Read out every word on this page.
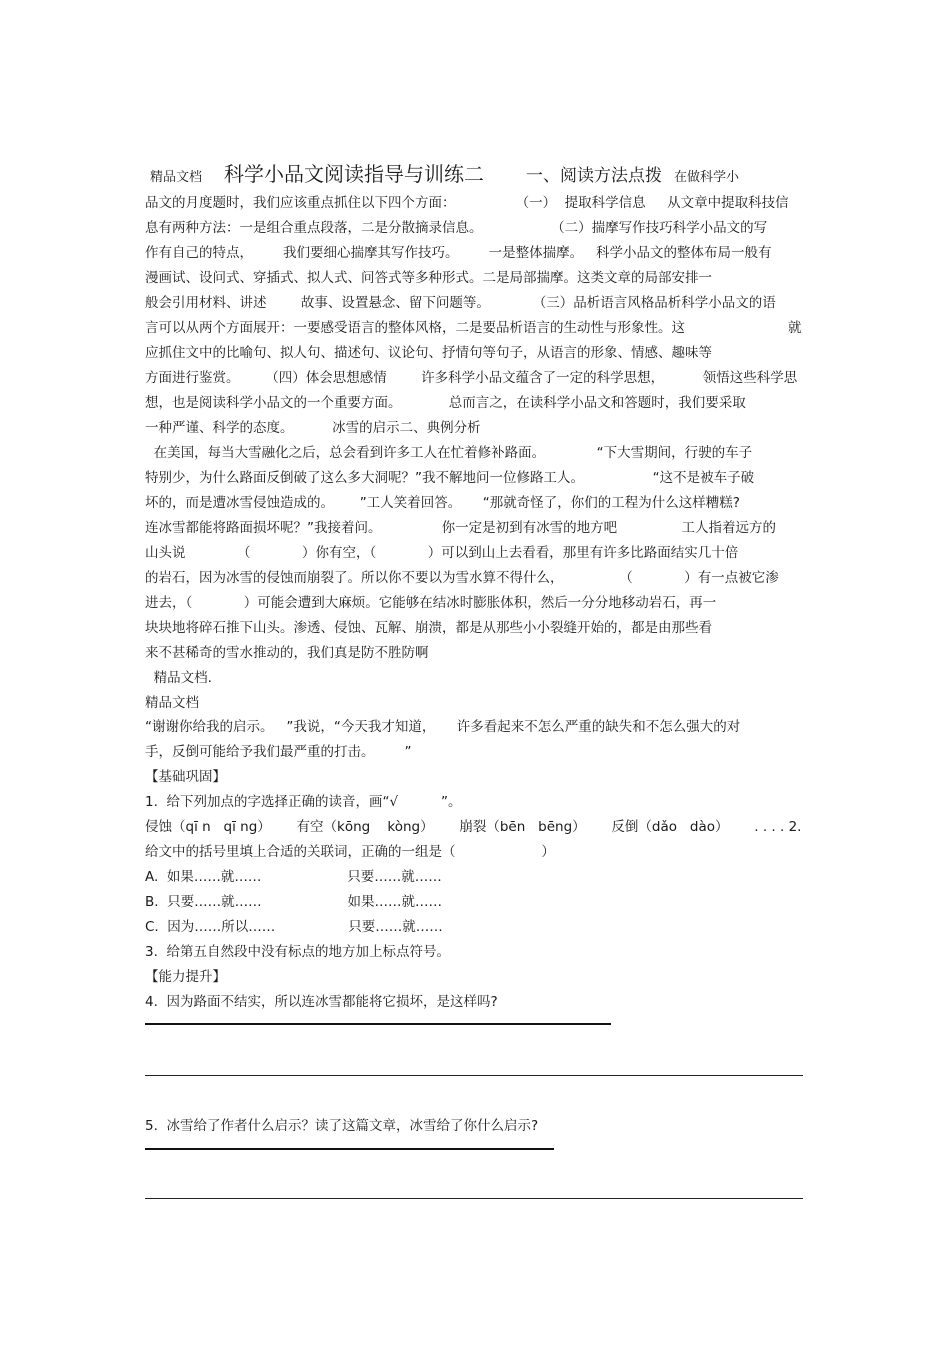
精品文档 科学小品文阅读指导与训练二 一、阅读方法点拨 在做科学小
品文的月度题时，我们应该重点抓住以下四个方面：              （一）  提取科学信息     从文章中提取科技信
息有两种方法：一是组合重点段落，二是分散摘录信息。                （二）揣摩写作技巧科学小品文的写
作有自己的特点，       我们要细心揣摩其写作技巧。       一是整体揣摩。   科学小品文的整体布局一般有
漫画试、设问式、穿插式、拟人式、问答式等多种形式。二是局部揣摩。这类文章的局部安排一
般会引用材料、讲述        故事、设置悬念、留下问题等。          （三）品析语言风格品析科学小品文的语
言可以从两个方面展开：一要感受语言的整体风格，二是要品析语言的生动性与形象性。这                        就
应抓住文中的比喻句、拟人句、描述句、议论句、抒情句等句子，从语言的形象、情感、趣味等
方面进行鉴赏。      （四）体会思想感情        许多科学小品文蕴含了一定的科学思想，         领悟这些科学思
想，也是阅读科学小品文的一个重要方面。           总而言之，在读科学小品文和答题时，我们要采取
一种严谨、科学的态度。         冰雪的启示二、典例分析
在美国，每当大雪融化之后，总会看到许多工人在忙着修补路面。            “下大雪期间，行驶的车子
特别少，为什么路面反倒破了这么多大洞呢？”我不解地问一位修路工人。                “这不是被车子破
坏的，而是遭冰雪侵蚀造成的。      ”工人笑着回答。     “那就奇怪了，你们的工程为什么这样糟糕?
连冰雪都能将路面损坏呢？”我接着问。              你一定是初到有冰雪的地方吧               工人指着远方的
山头说            （            ）你有空，（            ）可以到山上去看看，那里有许多比路面结实几十倍
的岩石，因为冰雪的侵蚀而崩裂了。所以你不要以为雪水算不得什么，             （            ）有一点被它渗
进去，（            ）可能会遭到大麻烦。它能够在结冰时膨胀体积，然后一分分地移动岩石，再一
块块地将碎石推下山头。渗透、侵蚀、瓦解、崩溃，都是从那些小小裂缝开始的，都是由那些看
来不甚稀奇的雪水推动的，我们真是防不胜防啊
精品文档.
精品文档
“谢谢你给我的启示。   ”我说，“今天我才知道，     许多看起来不怎么严重的缺失和不怎么强大的对
手，反倒可能给予我们最严重的打击。       ”
【基础巩固】
1.  给下列加点的字选择正确的读音，画“√          ”。
侵蚀（qī n   qī ng）      有空（kōng    kòng）      崩裂（bēn   bēng）      反倒（dǎo   dào）      . . . . 2.
给文中的括号里填上合适的关联词，正确的一组是（                    ）
A.  如果……就……                    只要……就……
B.  只要……就……                    如果……就……
C.  因为……所以……                 只要……就……
3.  给第五自然段中没有标点的地方加上标点符号。
【能力提升】
4.  因为路面不结实，所以连冰雪都能将它损坏，是这样吗?
5.  冰雪给了作者什么启示？读了这篇文章，冰雪给了你什么启示?
